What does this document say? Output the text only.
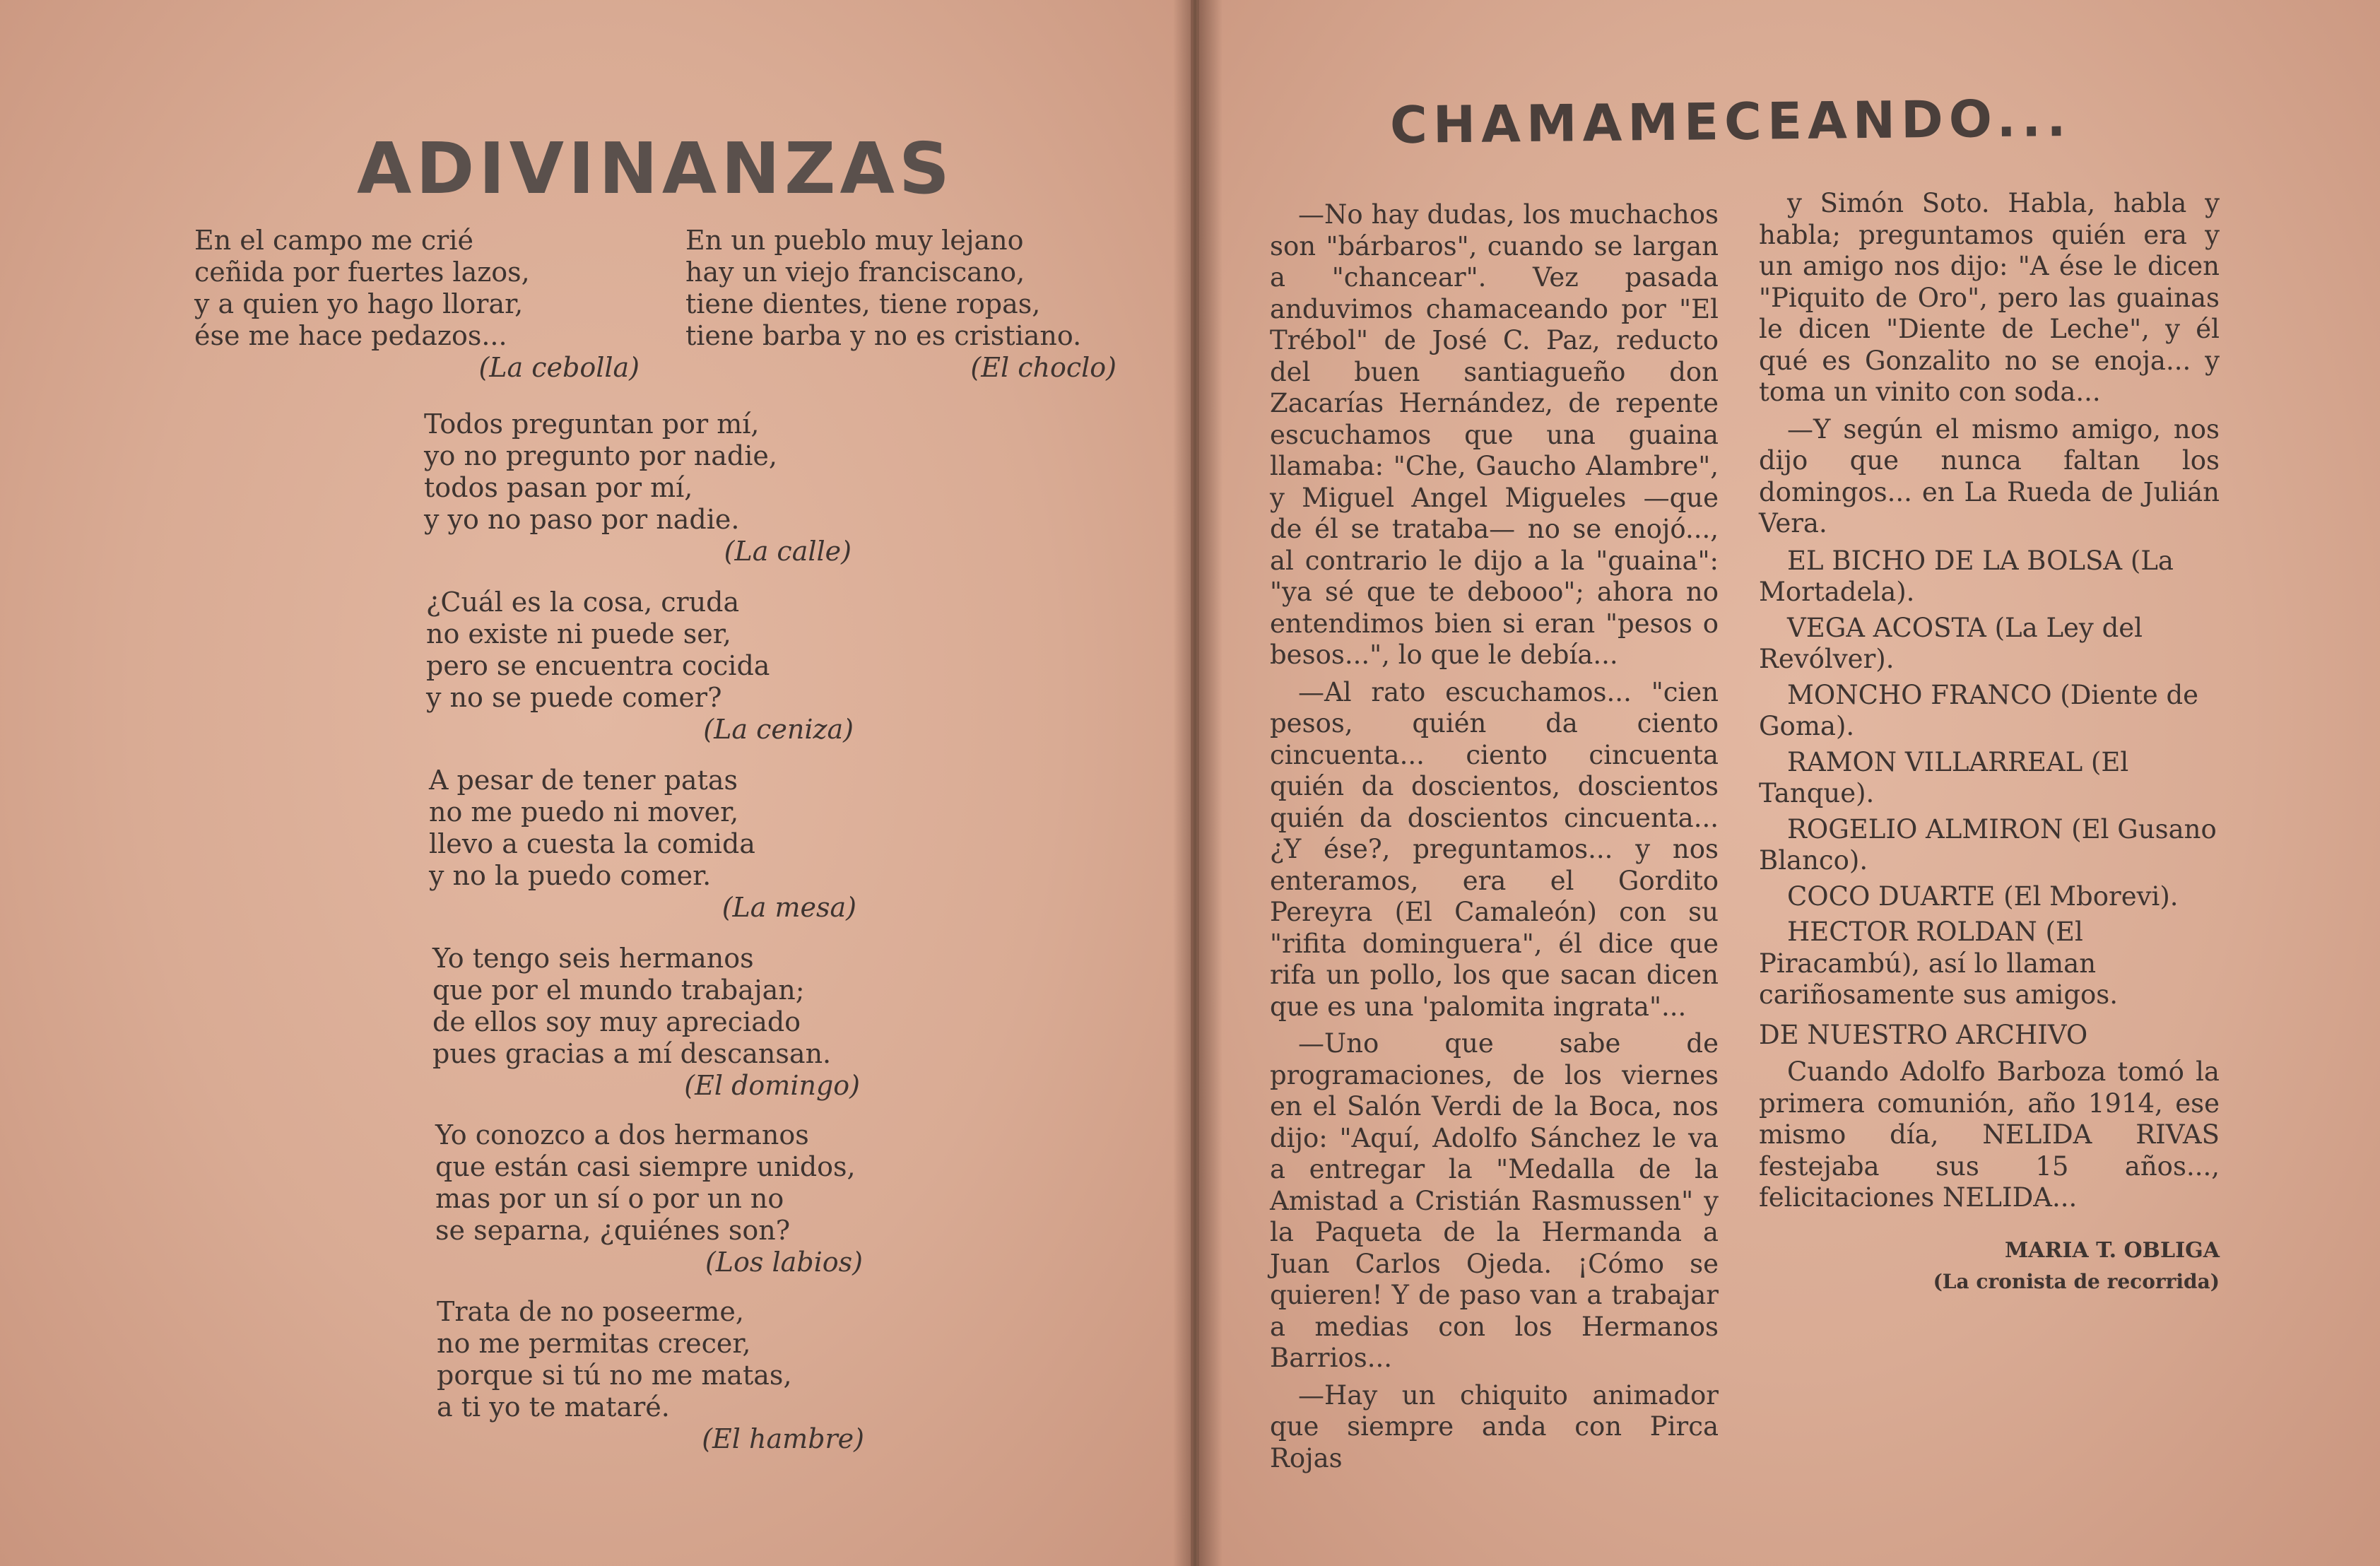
ADIVINANZAS
En el campo me crié
ceñida por fuertes lazos,
y a quien yo hago llorar,
ése me hace pedazos...
(La cebolla)
En un pueblo muy lejano
hay un viejo franciscano,
tiene dientes, tiene ropas,
tiene barba y no es cristiano.
(El choclo)
Todos preguntan por mí,
yo no pregunto por nadie,
todos pasan por mí,
y yo no paso por nadie.
(La calle)
¿Cuál es la cosa, cruda
no existe ni puede ser,
pero se encuentra cocida
y no se puede comer?
(La ceniza)
A pesar de tener patas
no me puedo ni mover,
llevo a cuesta la comida
y no la puedo comer.
(La mesa)
Yo tengo seis hermanos
que por el mundo trabajan;
de ellos soy muy apreciado
pues gracias a mí descansan.
(El domingo)
Yo conozco a dos hermanos
que están casi siempre unidos,
mas por un sí o por un no
se separna, ¿quiénes son?
(Los labios)
Trata de no poseerme,
no me permitas crecer,
porque si tú no me matas,
a ti yo te mataré.
(El hambre)
CHAMAMECEANDO...

—No hay dudas, los muchachos son "bárbaros", cuando se largan a "chancear". Vez pasada anduvimos chamaceando por "El Trébol" de José C. Paz, reducto del buen santiagueño don Zacarías Hernández, de repente escuchamos que una guaina llamaba: "Che, Gaucho Alambre", y Miguel Angel Migueles —que de él se trataba— no se enojó..., al contrario le dijo a la "guaina": "ya sé que te debooo"; ahora no entendimos bien si eran "pesos o besos...", lo que le debía...

—Al rato escuchamos... "cien pesos, quién da ciento cincuenta... ciento cincuenta quién da doscientos, doscientos quién da doscientos cincuenta... ¿Y ése?, preguntamos... y nos enteramos, era el Gordito Pereyra (El Camaleón) con su "rifita dominguera", él dice que rifa un pollo, los que sacan dicen que es una 'palomita ingrata"...

—Uno que sabe de programaciones, de los viernes en el Salón Verdi de la Boca, nos dijo: "Aquí, Adolfo Sánchez le va a entregar la "Medalla de la Amistad a Cristián Rasmussen" y la Paqueta de la Hermanda a Juan Carlos Ojeda. ¡Cómo se quieren! Y de paso van a trabajar a medias con los Hermanos Barrios...

—Hay un chiquito animador que siempre anda con Pirca Rojas

y Simón Soto. Habla, habla y habla; preguntamos quién era y un amigo nos dijo: "A ése le dicen "Piquito de Oro", pero las guainas le dicen "Diente de Leche", y él qué es Gonzalito no se enoja... y toma un vinito con soda...

—Y según el mismo amigo, nos dijo que nunca faltan los domingos... en La Rueda de Julián Vera.

EL BICHO DE LA BOLSA (La Mortadela).

VEGA ACOSTA (La Ley del Revólver).

MONCHO FRANCO (Diente de Goma).

RAMON VILLARREAL (El Tanque).

ROGELIO ALMIRON (El Gusano Blanco).

COCO DUARTE (El Mborevi).

HECTOR ROLDAN (El Piracambú), así lo llaman cariñosamente sus amigos.

DE NUESTRO ARCHIVO

Cuando Adolfo Barboza tomó la primera comunión, año 1914, ese mismo día, NELIDA RIVAS festejaba sus 15 años..., felicitaciones NELIDA...

MARIA T. OBLIGA
(La cronista de recorrida)
